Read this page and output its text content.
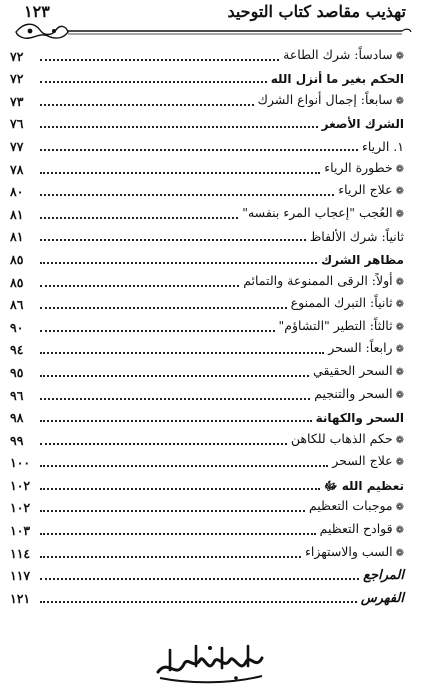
تهذيب مقاصد كتاب التوحيد
١٢٣
❁سادساً: شرك الطاعة
٧٢
الحكم بغير ما أنزل الله
٧٢
❁سابعاً: إجمال أنواع الشرك
٧٣
الشرك الأصغر
٧٦
١. الرياء
٧٧
❁خطورة الرياء
٧٨
❁علاج الرياء
٨٠
❁العُجب "إعجاب المرء بنفسه"
٨١
ثانياً: شرك الألفاظ
٨١
مظاهر الشرك
٨٥
❁أولاً: الرقى الممنوعة والتمائم
٨٥
❁ثانياً: التبرك الممنوع
٨٦
❁ثالثاً: التطير "التشاؤم"
٩٠
❁رابعاً: السحر
٩٤
❁السحر الحقيقي
٩٥
❁السحر والتنجيم
٩٦
السحر والكهانة
٩٨
❁حكم الذهاب للكاهن
٩٩
❁علاج السحر
١٠٠
تعظيم الله ﷻ
١٠٢
❁موجبات التعظيم
١٠٢
❁قوادح التعظيم
١٠٣
❁السب والاستهزاء
١١٤
المراجع
١١٧
الفهرس
١٢١
